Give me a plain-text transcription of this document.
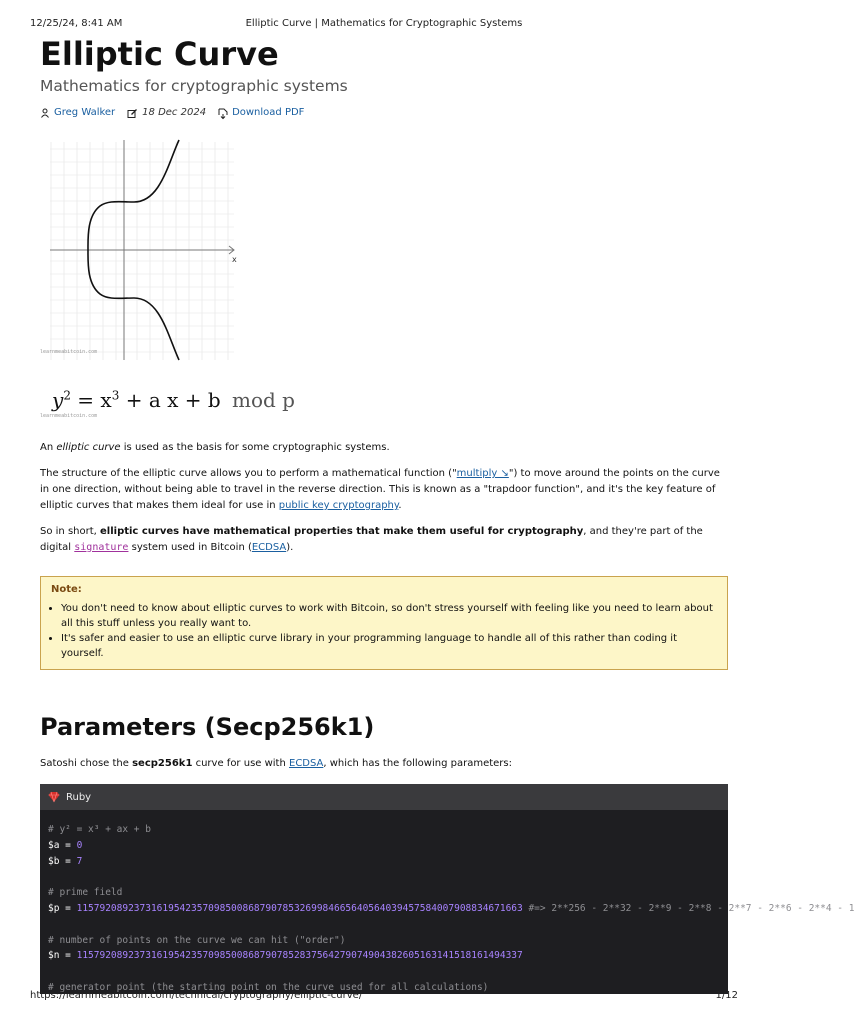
12/25/24, 8:41 AM	Elliptic Curve | Mathematics for Cryptographic Systems
Elliptic Curve
Mathematics for cryptographic systems
Greg Walker	18 Dec 2024	Download PDF
x
learnmeabitcoin.com
$y^2 = x^3 + a$ x + b mod p
learnmeabitcoin.com

An elliptic curve is used as the basis for some cryptographic systems.

The structure of the elliptic curve allows you to perform a mathematical function ("multiply ↘") to move around the points on the curve in one direction, without being able to travel in the reverse direction. This is known as a "trapdoor function", and it's the key feature of elliptic curves that makes them ideal for use in public key cryptography.

So in short, elliptic curves have mathematical properties that make them useful for cryptography, and they're part of the digital signature system used in Bitcoin (ECDSA).

Note:
• You don't need to know about elliptic curves to work with Bitcoin, so don't stress yourself with feeling like you need to learn about all this stuff unless you really want to.
• It's safer and easier to use an elliptic curve library in your programming language to handle all of this rather than coding it yourself.
Parameters (Secp256k1)

Satoshi chose the secp256k1 curve for use with ECDSA, which has the following parameters:

Ruby
# y² = x³ + ax + b
$a = 0
$b = 7

# prime field
$p = 115792089237316195423570985008687907853269984665640564039457584007908834671663 #=> 2**256 - 2**32 - 2**9 - 2**8 - 2**7 - 2**6 - 2**4 - 1

# number of points on the curve we can hit ("order")
$n = 115792089237316195423570985008687907852837564279074904382605163141518161494337

# generator point (the starting point on the curve used for all calculations)
https://learnmeabitcoin.com/technical/cryptography/elliptic-curve/	1/12
